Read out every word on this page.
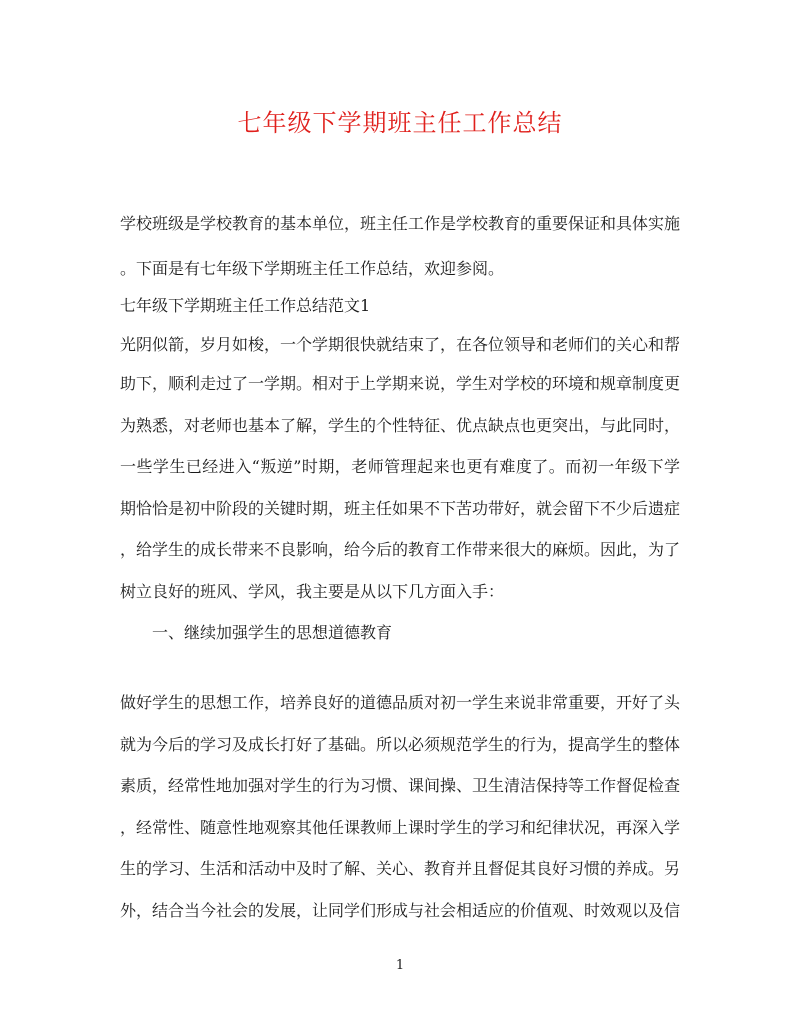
七年级下学期班主任工作总结
学校班级是学校教育的基本单位，班主任工作是学校教育的重要保证和具体实施
。下面是有七年级下学期班主任工作总结，欢迎参阅。
七年级下学期班主任工作总结范文1
光阴似箭，岁月如梭，一个学期很快就结束了，在各位领导和老师们的关心和帮
助下，顺利走过了一学期。相对于上学期来说，学生对学校的环境和规章制度更
为熟悉，对老师也基本了解，学生的个性特征、优点缺点也更突出，与此同时，
一些学生已经进入“叛逆”时期，老师管理起来也更有难度了。而初一年级下学
期恰恰是初中阶段的关键时期，班主任如果不下苦功带好，就会留下不少后遗症
，给学生的成长带来不良影响，给今后的教育工作带来很大的麻烦。因此，为了
树立良好的班风、学风，我主要是从以下几方面入手：
　　一、继续加强学生的思想道德教育
做好学生的思想工作，培养良好的道德品质对初一学生来说非常重要，开好了头
就为今后的学习及成长打好了基础。所以必须规范学生的行为，提高学生的整体
素质，经常性地加强对学生的行为习惯、课间操、卫生清洁保持等工作督促检查
，经常性、随意性地观察其他任课教师上课时学生的学习和纪律状况，再深入学
生的学习、生活和活动中及时了解、关心、教育并且督促其良好习惯的养成。另
外，结合当今社会的发展，让同学们形成与社会相适应的价值观、时效观以及信
1
